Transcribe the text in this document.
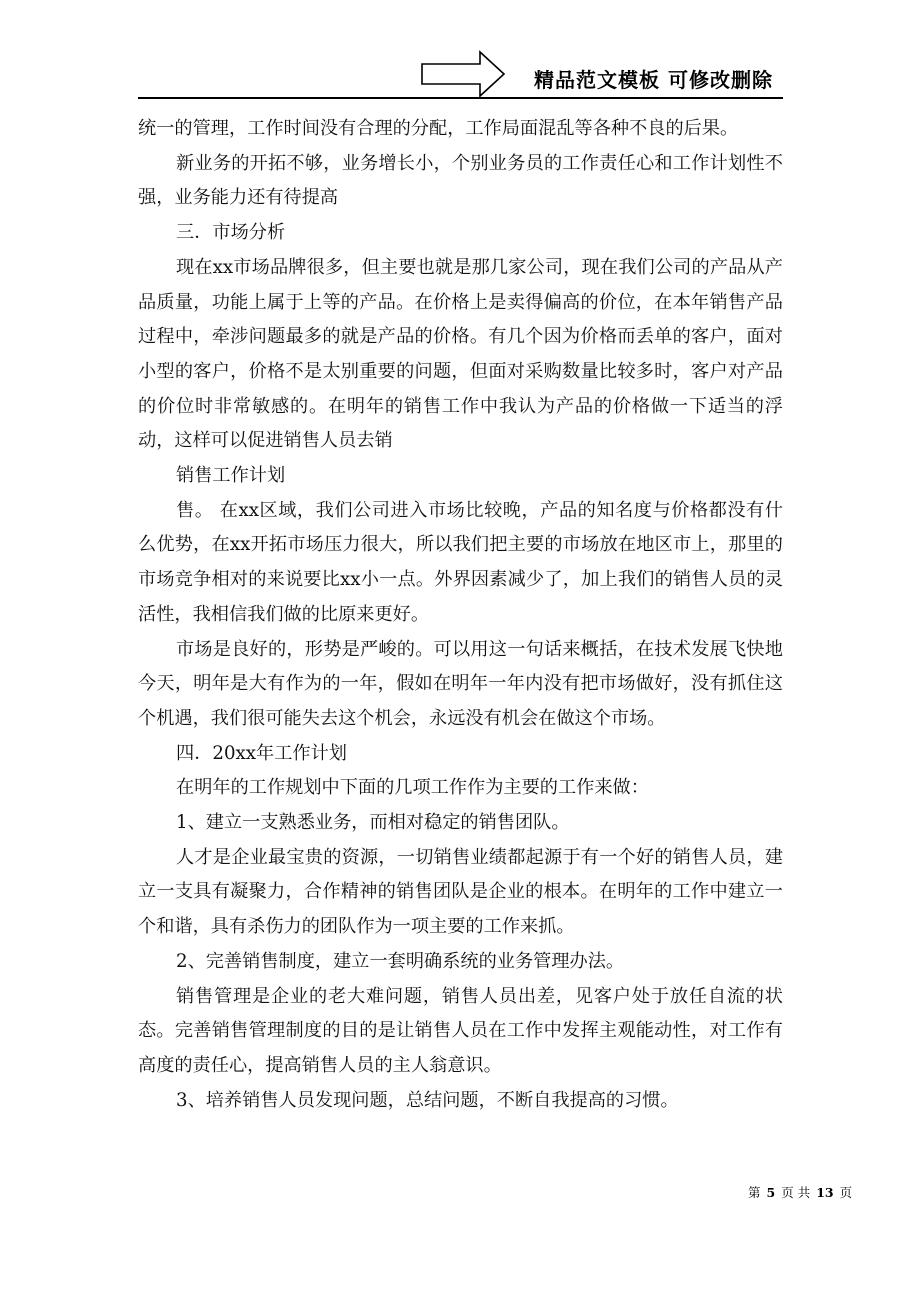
精品范文模板 可修改删除

统一的管理，工作时间没有合理的分配，工作局面混乱等各种不良的后果。

新业务的开拓不够，业务增长小，个别业务员的工作责任心和工作计划性不强，业务能力还有待提高

三．市场分析

现在xx市场品牌很多，但主要也就是那几家公司，现在我们公司的产品从产品质量，功能上属于上等的产品。在价格上是卖得偏高的价位，在本年销售产品过程中，牵涉问题最多的就是产品的价格。有几个因为价格而丢单的客户，面对小型的客户，价格不是太别重要的问题，但面对采购数量比较多时，客户对产品的价位时非常敏感的。在明年的销售工作中我认为产品的价格做一下适当的浮动，这样可以促进销售人员去销

销售工作计划

售。 在xx区域，我们公司进入市场比较晚，产品的知名度与价格都没有什么优势，在xx开拓市场压力很大，所以我们把主要的市场放在地区市上，那里的市场竞争相对的来说要比xx小一点。外界因素减少了，加上我们的销售人员的灵活性，我相信我们做的比原来更好。

市场是良好的，形势是严峻的。可以用这一句话来概括，在技术发展飞快地今天，明年是大有作为的一年，假如在明年一年内没有把市场做好，没有抓住这个机遇，我们很可能失去这个机会，永远没有机会在做这个市场。

四．20xx年工作计划

在明年的工作规划中下面的几项工作作为主要的工作来做：

1、建立一支熟悉业务，而相对稳定的销售团队。

人才是企业最宝贵的资源，一切销售业绩都起源于有一个好的销售人员，建立一支具有凝聚力，合作精神的销售团队是企业的根本。在明年的工作中建立一个和谐，具有杀伤力的团队作为一项主要的工作来抓。

2、完善销售制度，建立一套明确系统的业务管理办法。

销售管理是企业的老大难问题，销售人员出差，见客户处于放任自流的状态。完善销售管理制度的目的是让销售人员在工作中发挥主观能动性，对工作有高度的责任心，提高销售人员的主人翁意识。

3、培养销售人员发现问题，总结问题，不断自我提高的习惯。

第 5 页 共 13 页
